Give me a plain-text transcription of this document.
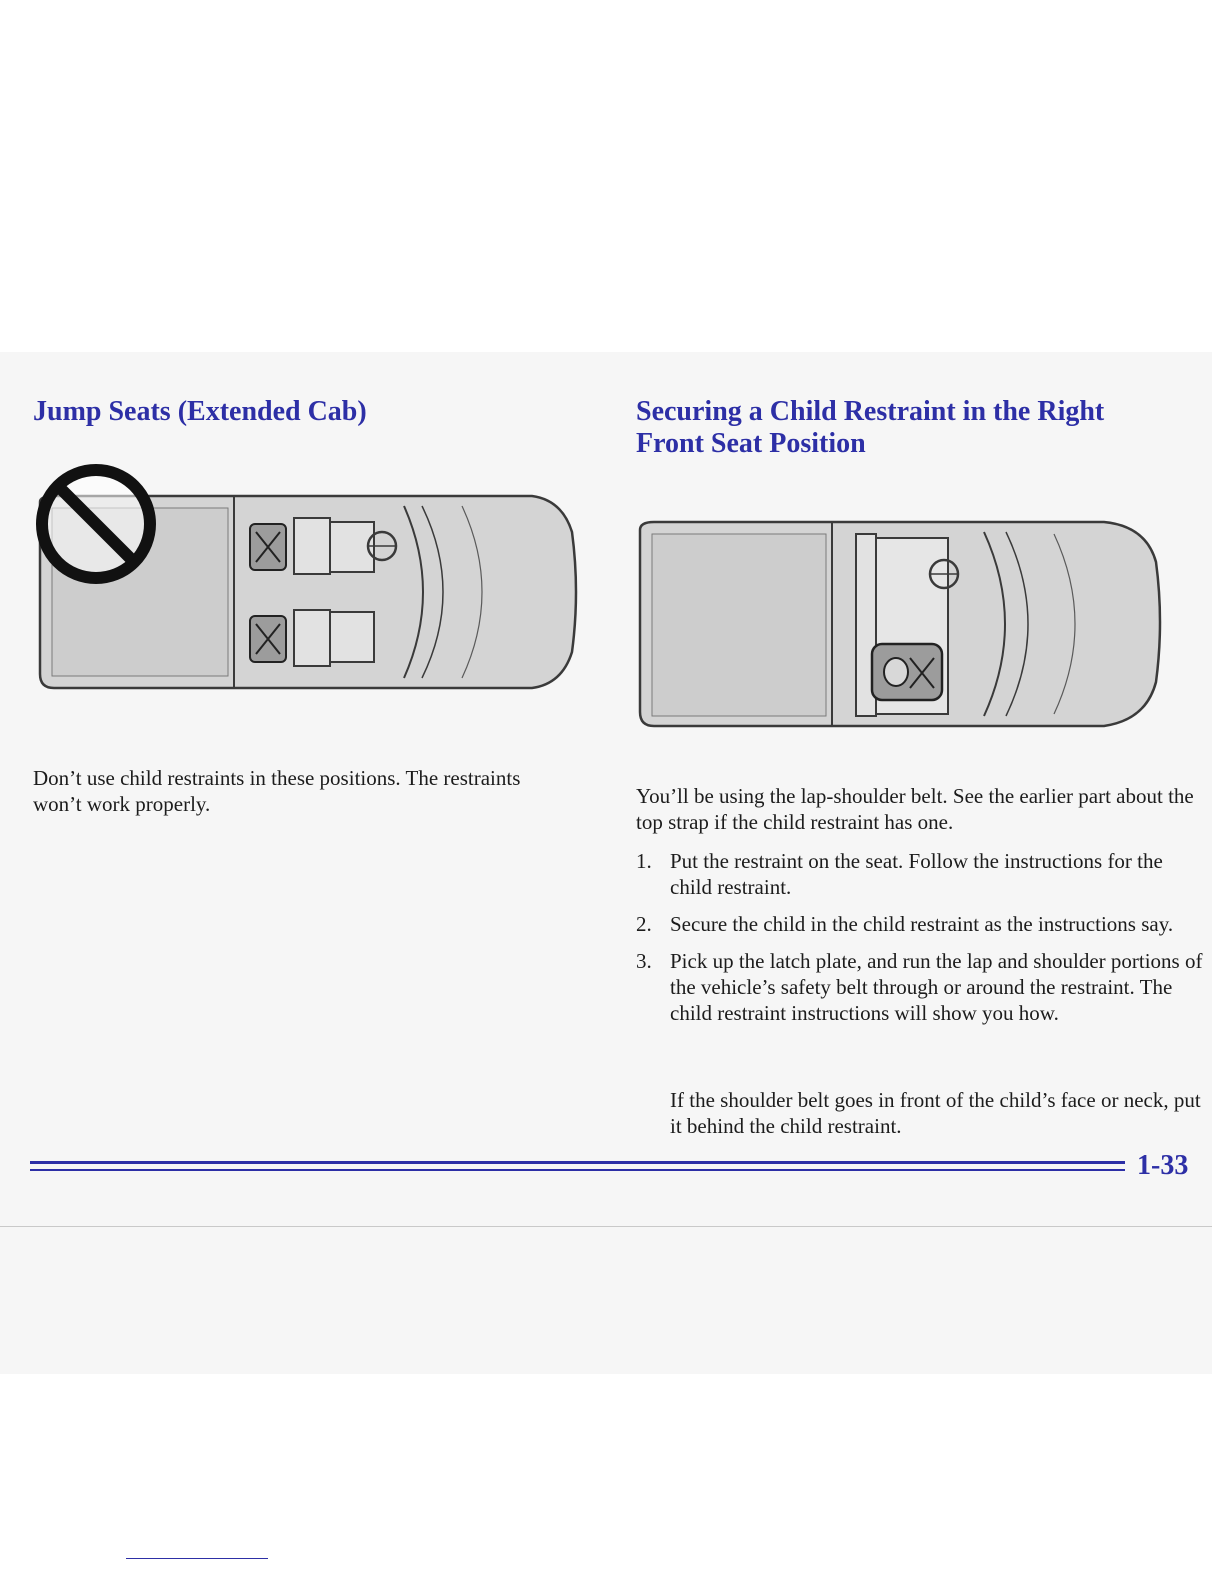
Jump Seats (Extended Cab)

Don’t use child restraints in these positions. The restraints won’t work properly.

Securing a Child Restraint in the Right Front Seat Position

You’ll be using the lap-shoulder belt. See the earlier part about the top strap if the child restraint has one.

1. Put the restraint on the seat. Follow the instructions for the child restraint.
2. Secure the child in the child restraint as the instructions say.
3. Pick up the latch plate, and run the lap and shoulder portions of the vehicle’s safety belt through or around the restraint. The child restraint instructions will show you how.

If the shoulder belt goes in front of the child’s face or neck, put it behind the child restraint.

1-33
